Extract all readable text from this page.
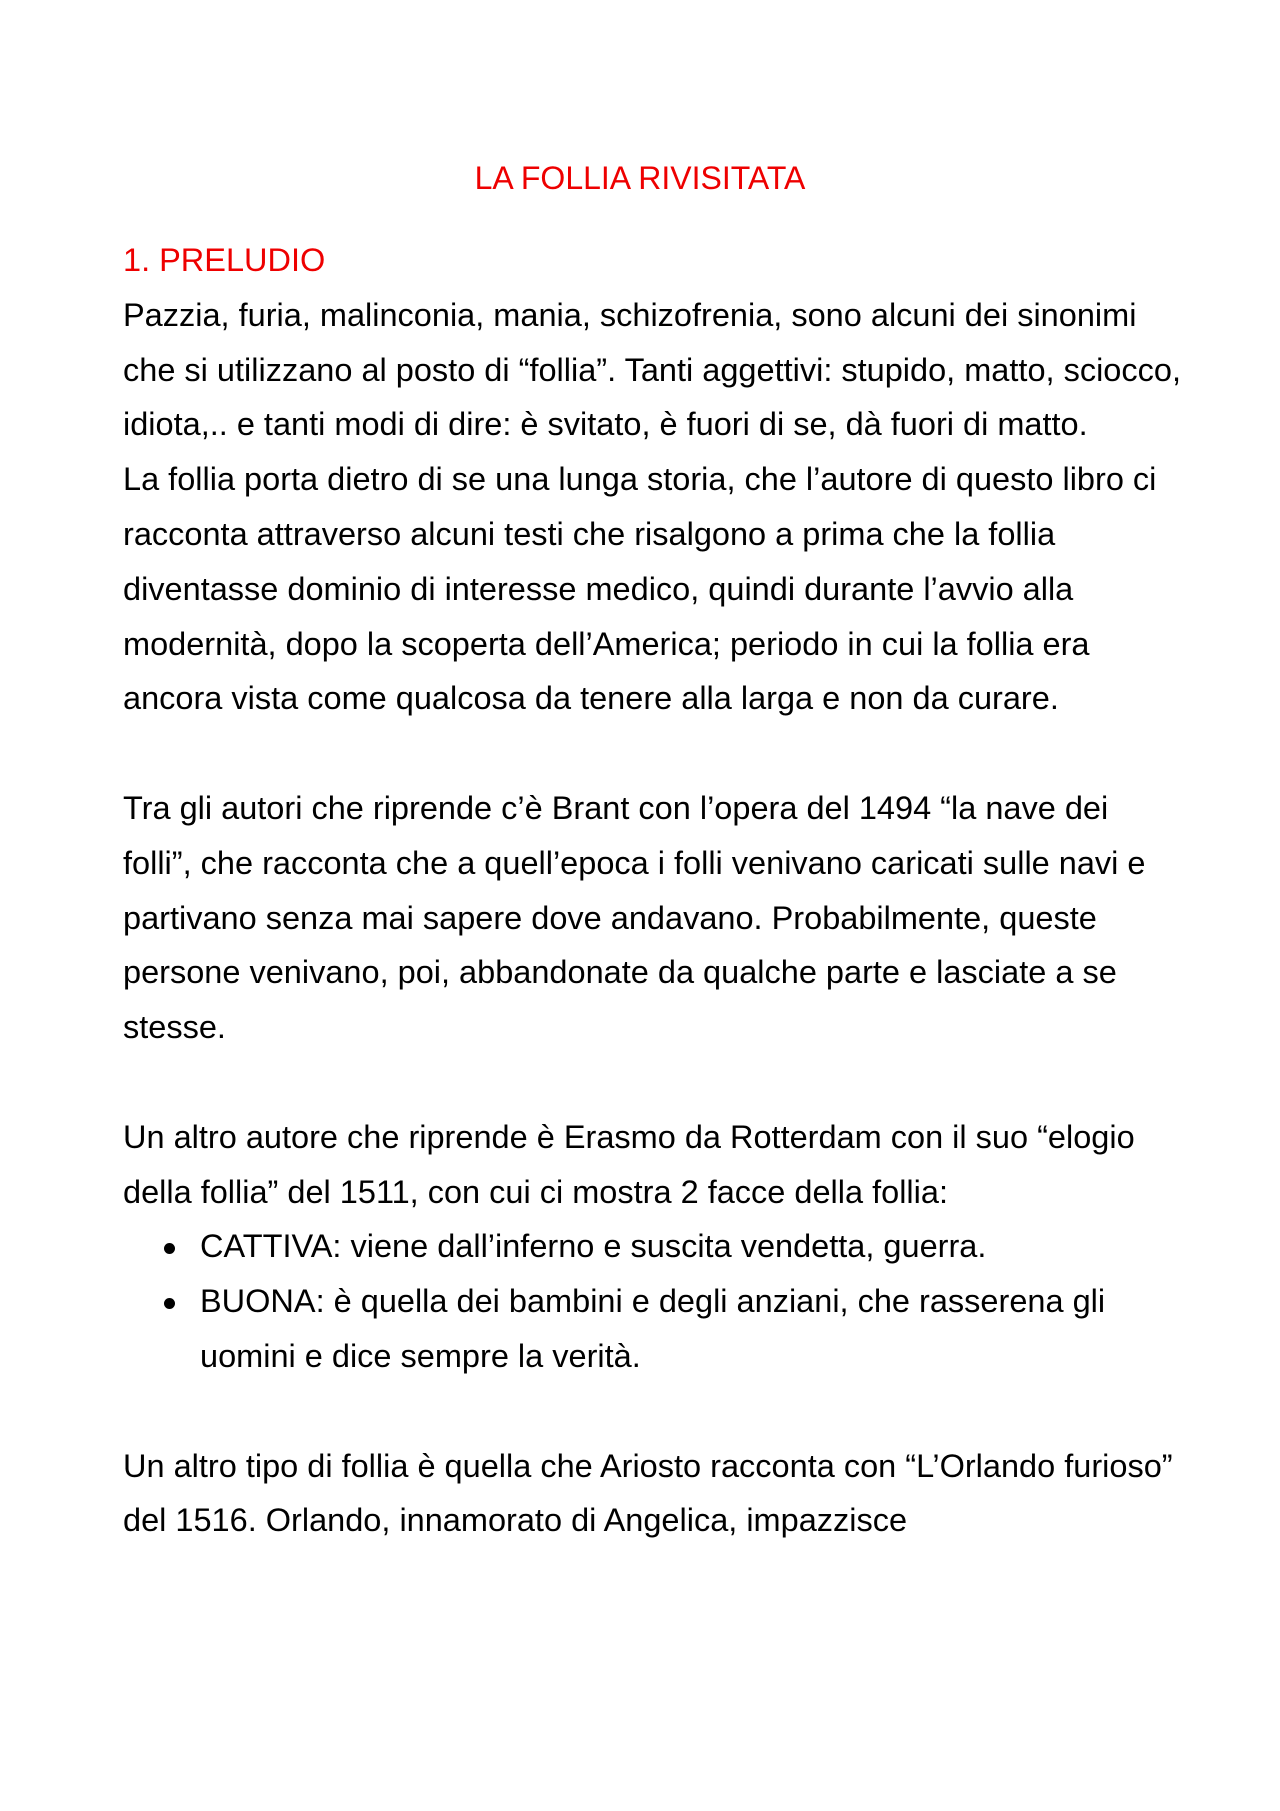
LA FOLLIA RIVISITATA

1. PRELUDIO

Pazzia, furia, malinconia, mania, schizofrenia, sono alcuni dei sinonimi che si utilizzano al posto di “follia”. Tanti aggettivi: stupido, matto, sciocco, idiota,.. e tanti modi di dire: è svitato, è fuori di se, dà fuori di matto.

La follia porta dietro di se una lunga storia, che l’autore di questo libro ci racconta attraverso alcuni testi che risalgono a prima che la follia diventasse dominio di interesse medico, quindi durante l’avvio alla modernità, dopo la scoperta dell’America; periodo in cui la follia era ancora vista come qualcosa da tenere alla larga e non da curare.

Tra gli autori che riprende c’è Brant con l’opera del 1494 “la nave dei folli”, che racconta che a quell’epoca i folli venivano caricati sulle navi e partivano senza mai sapere dove andavano. Probabilmente, queste persone venivano, poi, abbandonate da qualche parte e lasciate a se stesse.

Un altro autore che riprende è Erasmo da Rotterdam con il suo “elogio della follia” del 1511, con cui ci mostra 2 facce della follia:

CATTIVA: viene dall’inferno e suscita vendetta, guerra.
BUONA: è quella dei bambini e degli anziani, che rasserena gli uomini e dice sempre la verità.

Un altro tipo di follia è quella che Ariosto racconta con “L’Orlando furioso” del 1516. Orlando, innamorato di Angelica, impazzisce
